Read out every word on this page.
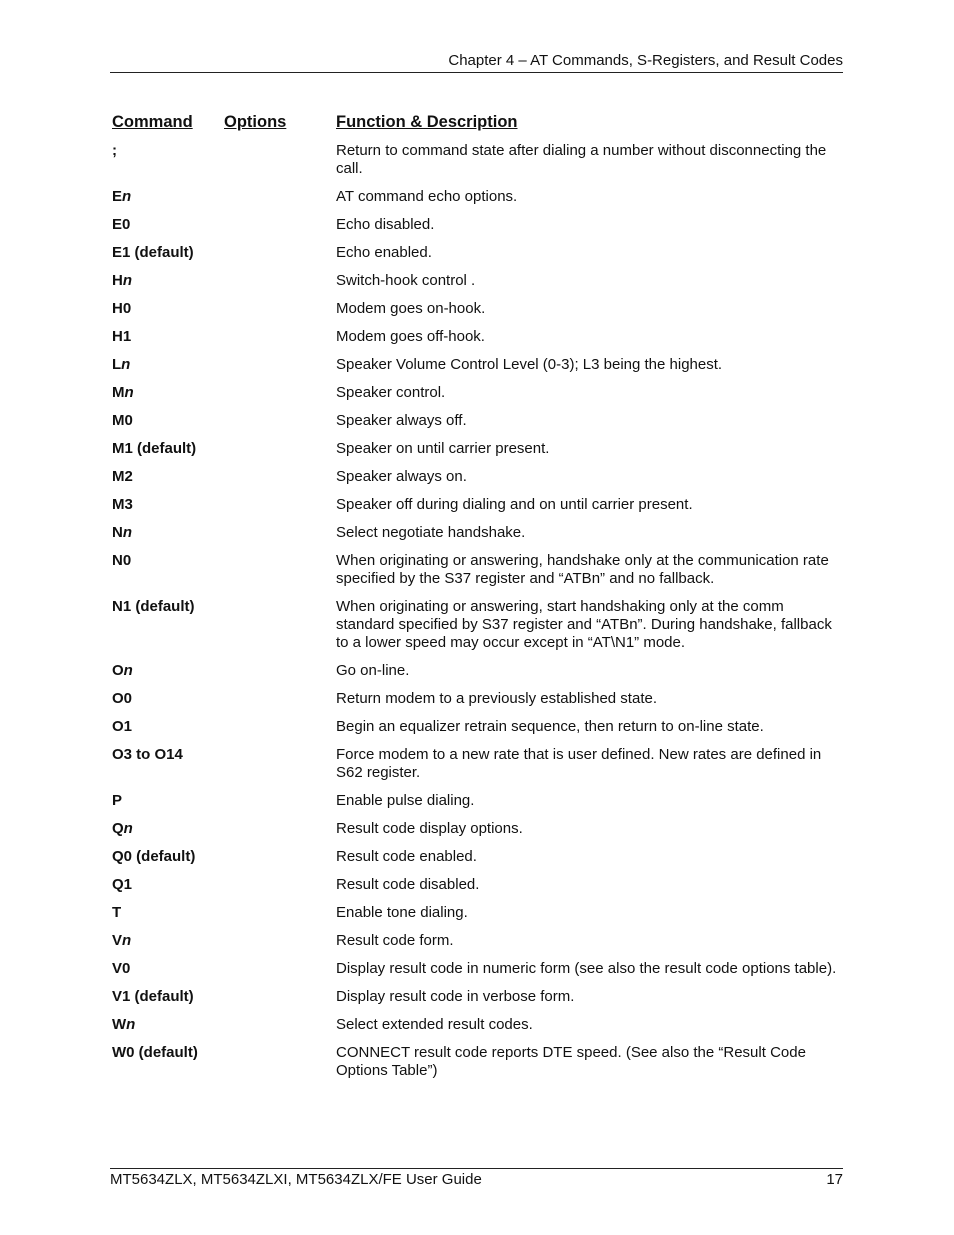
Chapter 4 – AT Commands, S-Registers, and Result Codes
Command Options	Function & Description
;	Return to command state after dialing a number without disconnecting the call.
En	AT command echo options.
E0	Echo disabled.
E1 (default)	Echo enabled.
Hn	Switch-hook control .
H0	Modem goes on-hook.
H1	Modem goes off-hook.
Ln	Speaker Volume Control Level (0-3); L3 being the highest.
Mn	Speaker control.
M0	Speaker always off.
M1 (default)	Speaker on until carrier present.
M2	Speaker always on.
M3	Speaker off during dialing and on until carrier present.
Nn	Select negotiate handshake.
N0	When originating or answering, handshake only at the communication rate specified by the S37 register and “ATBn” and no fallback.
N1 (default)	When originating or answering, start handshaking only at the comm standard specified by S37 register and “ATBn”. During handshake, fallback to a lower speed may occur except in “AT\N1” mode.
On	Go on-line.
O0	Return modem to a previously established state.
O1	Begin an equalizer retrain sequence, then return to on-line state.
O3 to O14	Force modem to a new rate that is user defined. New rates are defined in S62 register.
P	Enable pulse dialing.
Qn	Result code display options.
Q0 (default)	Result code enabled.
Q1	Result code disabled.
T	Enable tone dialing.
Vn	Result code form.
V0	Display result code in numeric form (see also the result code options table).
V1 (default)	Display result code in verbose form.
Wn	Select extended result codes.
W0 (default)	CONNECT result code reports DTE speed. (See also the “Result Code Options Table”)
MT5634ZLX, MT5634ZLXI, MT5634ZLX/FE User Guide	17
